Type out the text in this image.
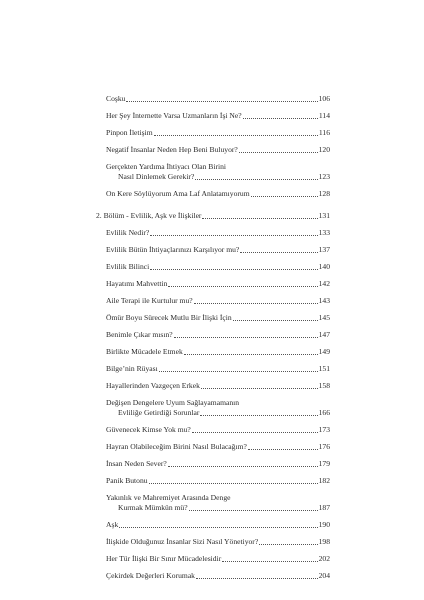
Coşku	106
Her Şey İnternette Varsa Uzmanların İşi Ne?	114
Pinpon İletişim	116
Negatif İnsanlar Neden Hep Beni Buluyor?	120
Gerçekten Yardıma İhtiyacı Olan Birini
Nasıl Dinlemek Gerekir?	123
On Kere Söylüyorum Ama Laf Anlatamıyorum	128
2. Bölüm - Evlilik, Aşk ve İlişkiler	131
Evlilik Nedir?	133
Evlilik Bütün İhtiyaçlarınızı Karşılıyor mu?	137
Evlilik Bilinci	140
Hayatımı Mahvettin	142
Aile Terapi ile Kurtulur mu?	143
Ömür Boyu Sürecek Mutlu Bir İlişki İçin	145
Benimle Çıkar mısın?	147
Birlikte Mücadele Etmek	149
Bilge’nin Rüyası	151
Hayallerinden Vazgeçen Erkek	158
Değişen Dengelere Uyum Sağlayamamanın
Evliliğe Getirdiği Sorunlar	166
Güvenecek Kimse Yok mu?	173
Hayran Olabileceğim Birini Nasıl Bulacağım?	176
İnsan Neden Sever?	179
Panik Butonu	182
Yakınlık ve Mahremiyet Arasında Denge
Kurmak Mümkün mü?	187
Aşk	190
İlişkide Olduğunuz İnsanlar Sizi Nasıl Yönetiyor?	198
Her Tür İlişki Bir Sınır Mücadelesidir	202
Çekirdek Değerleri Korumak	204
